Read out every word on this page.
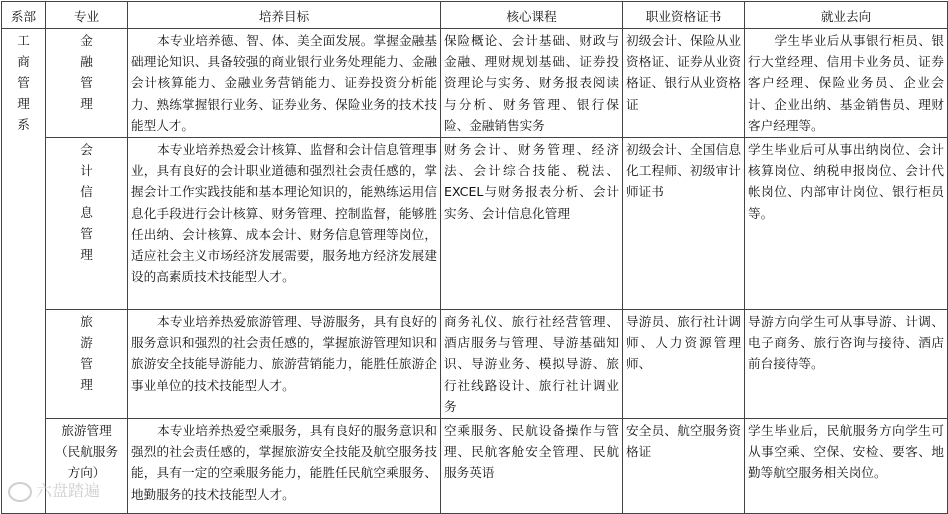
系部	专业	培养目标	核心课程	职业资格证书	就业去向
工商管理系	金融管理	本专业培养德、智、体、美全面发展。掌握金融基础理论知识、具备较强的商业银行业务处理能力、金融会计核算能力、金融业务营销能力、证券投资分析能力、熟练掌握银行业务、证券业务、保险业务的技术技能型人才。	保险概论、会计基础、财政与金融、理财规划基础、证券投资理论与实务、财务报表阅读与分析、财务管理、银行保险、金融销售实务	初级会计、保险从业资格证、证券从业资格证、银行从业资格证	学生毕业后从事银行柜员、银行大堂经理、信用卡业务员、证券客户经理、保险业务员、企业会计、企业出纳、基金销售员、理财客户经理等。
	会计信息管理	本专业培养热爱会计核算、监督和会计信息管理事业，具有良好的会计职业道德和强烈社会责任感的，掌握会计工作实践技能和基本理论知识的，能熟练运用信息化手段进行会计核算、财务管理、控制监督，能够胜任出纳、会计核算、成本会计、财务信息管理等岗位，适应社会主义市场经济发展需要，服务地方经济发展建设的高素质技术技能型人才。	财务会计、财务管理、经济法、会计综合技能、税法、EXCEL与财务报表分析、会计实务、会计信息化管理	初级会计、全国信息化工程师、初级审计师证书	学生毕业后可从事出纳岗位、会计核算岗位、纳税申报岗位、会计代帐岗位、内部审计岗位、银行柜员等。
	旅游管理	本专业培养热爱旅游管理、导游服务，具有良好的服务意识和强烈的社会责任感的，掌握旅游管理知识和旅游安全技能导游能力、旅游营销能力，能胜任旅游企事业单位的技术技能型人才。	商务礼仪、旅行社经营管理、酒店服务与管理、导游基础知识、导游业务、模拟导游、旅行社线路设计、旅行社计调业务	导游员、旅行社计调师、人力资源管理师、	导游方向学生可从事导游、计调、电子商务、旅行咨询与接待、酒店前台接待等。

	旅游管理（民航服务方向）	本专业培养热爱空乘服务，具有良好的服务意识和强烈的社会责任感的，掌握旅游安全技能及航空服务技能，具有一定的空乘服务能力，能胜任民航空乘服务、地勤服务的技术技能型人才。	空乘服务、民航设备操作与管理、民航客舱安全管理、民航服务英语	安全员、航空服务资格证	学生毕业后，民航服务方向学生可从事空乘、空保、安检、要客、地勤等航空服务相关岗位。
六盘踏遍
